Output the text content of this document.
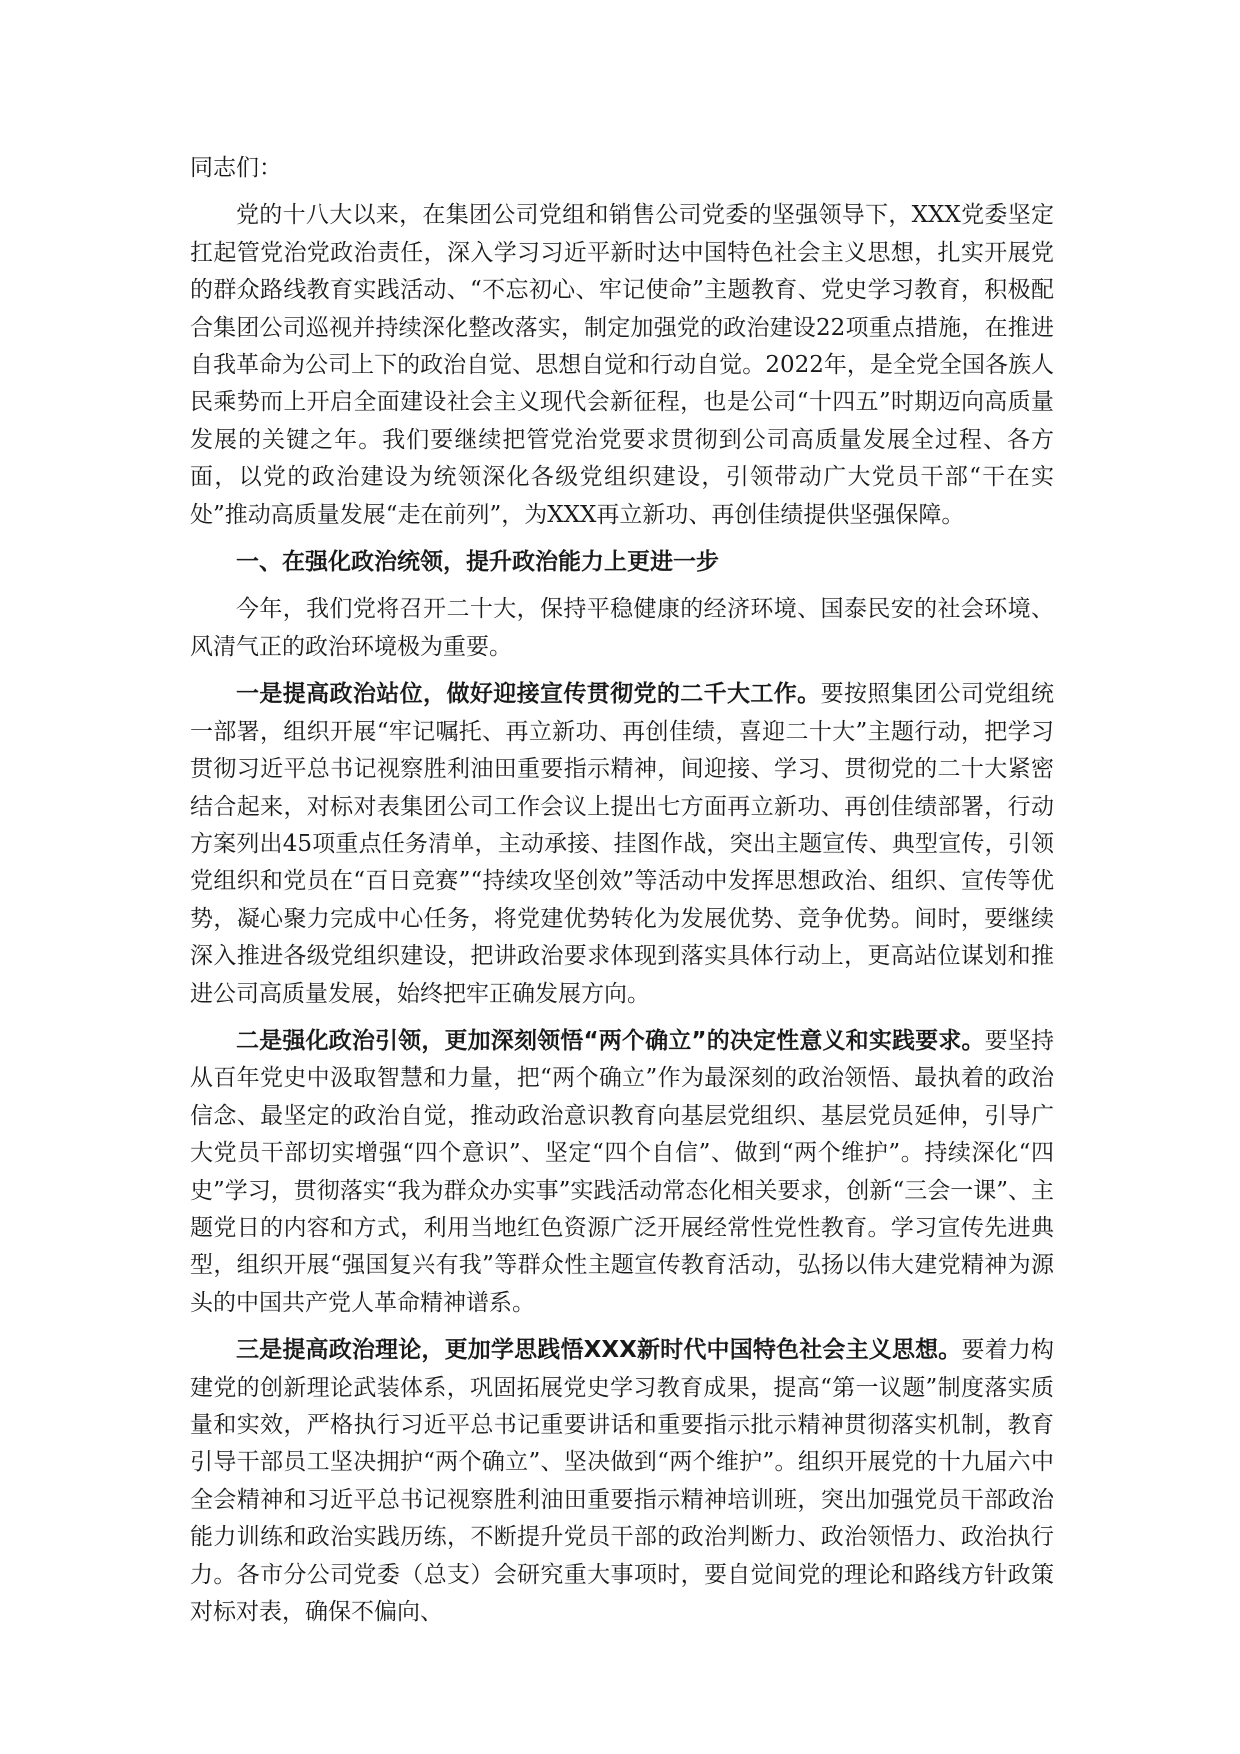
同志们：

党的十八大以来，在集团公司党组和销售公司党委的坚强领导下，XXX党委坚定扛起管党治党政治责任，深入学习习近平新时达中国特色社会主义思想，扎实开展党的群众路线教育实践活动、“不忘初心、牢记使命”主题教育、党史学习教育，积极配合集团公司巡视并持续深化整改落实，制定加强党的政治建设22项重点措施，在推进自我革命为公司上下的政治自觉、思想自觉和行动自觉。2022年，是全党全国各族人民乘势而上开启全面建设社会主义现代会新征程，也是公司“十四五”时期迈向高质量发展的关键之年。我们要继续把管党治党要求贯彻到公司高质量发展全过程、各方面，以党的政治建设为统领深化各级党组织建设，引领带动广大党员干部“干在实处”推动高质量发展“走在前列”，为XXX再立新功、再创佳绩提供坚强保障。

一、在强化政治统领，提升政治能力上更进一步

今年，我们党将召开二十大，保持平稳健康的经济环境、国泰民安的社会环境、风清气正的政治环境极为重要。

一是提高政治站位，做好迎接宣传贯彻党的二千大工作。要按照集团公司党组统一部署，组织开展“牢记嘱托、再立新功、再创佳绩，喜迎二十大”主题行动，把学习贯彻习近平总书记视察胜利油田重要指示精神，间迎接、学习、贯彻党的二十大紧密结合起来，对标对表集团公司工作会议上提出七方面再立新功、再创佳绩部署，行动方案列出45项重点任务清单，主动承接、挂图作战，突出主题宣传、典型宣传，引领党组织和党员在“百日竞赛”“持续攻坚创效”等活动中发挥思想政治、组织、宣传等优势，凝心聚力完成中心任务，将党建优势转化为发展优势、竞争优势。间时，要继续深入推进各级党组织建设，把讲政治要求体现到落实具体行动上，更高站位谋划和推进公司高质量发展，始终把牢正确发展方向。

二是强化政治引领，更加深刻领悟“两个确立”的决定性意义和实践要求。要坚持从百年党史中汲取智慧和力量，把“两个确立”作为最深刻的政治领悟、最执着的政治信念、最坚定的政治自觉，推动政治意识教育向基层党组织、基层党员延伸，引导广大党员干部切实增强“四个意识”、坚定“四个自信”、做到“两个维护”。持续深化“四史”学习，贯彻落实“我为群众办实事”实践活动常态化相关要求，创新“三会一课”、主题党日的内容和方式，利用当地红色资源广泛开展经常性党性教育。学习宣传先进典型，组织开展“强国复兴有我”等群众性主题宣传教育活动，弘扬以伟大建党精神为源头的中国共产党人革命精神谱系。

三是提高政治理论，更加学思践悟XXX新时代中国特色社会主义思想。要着力构建党的创新理论武装体系，巩固拓展党史学习教育成果，提高“第一议题”制度落实质量和实效，严格执行习近平总书记重要讲话和重要指示批示精神贯彻落实机制，教育引导干部员工坚决拥护“两个确立”、坚决做到“两个维护”。组织开展党的十九届六中全会精神和习近平总书记视察胜利油田重要指示精神培训班，突出加强党员干部政治能力训练和政治实践历练，不断提升党员干部的政治判断力、政治领悟力、政治执行力。各市分公司党委（总支）会研究重大事项时，要自觉间党的理论和路线方针政策对标对表，确保不偏向、
